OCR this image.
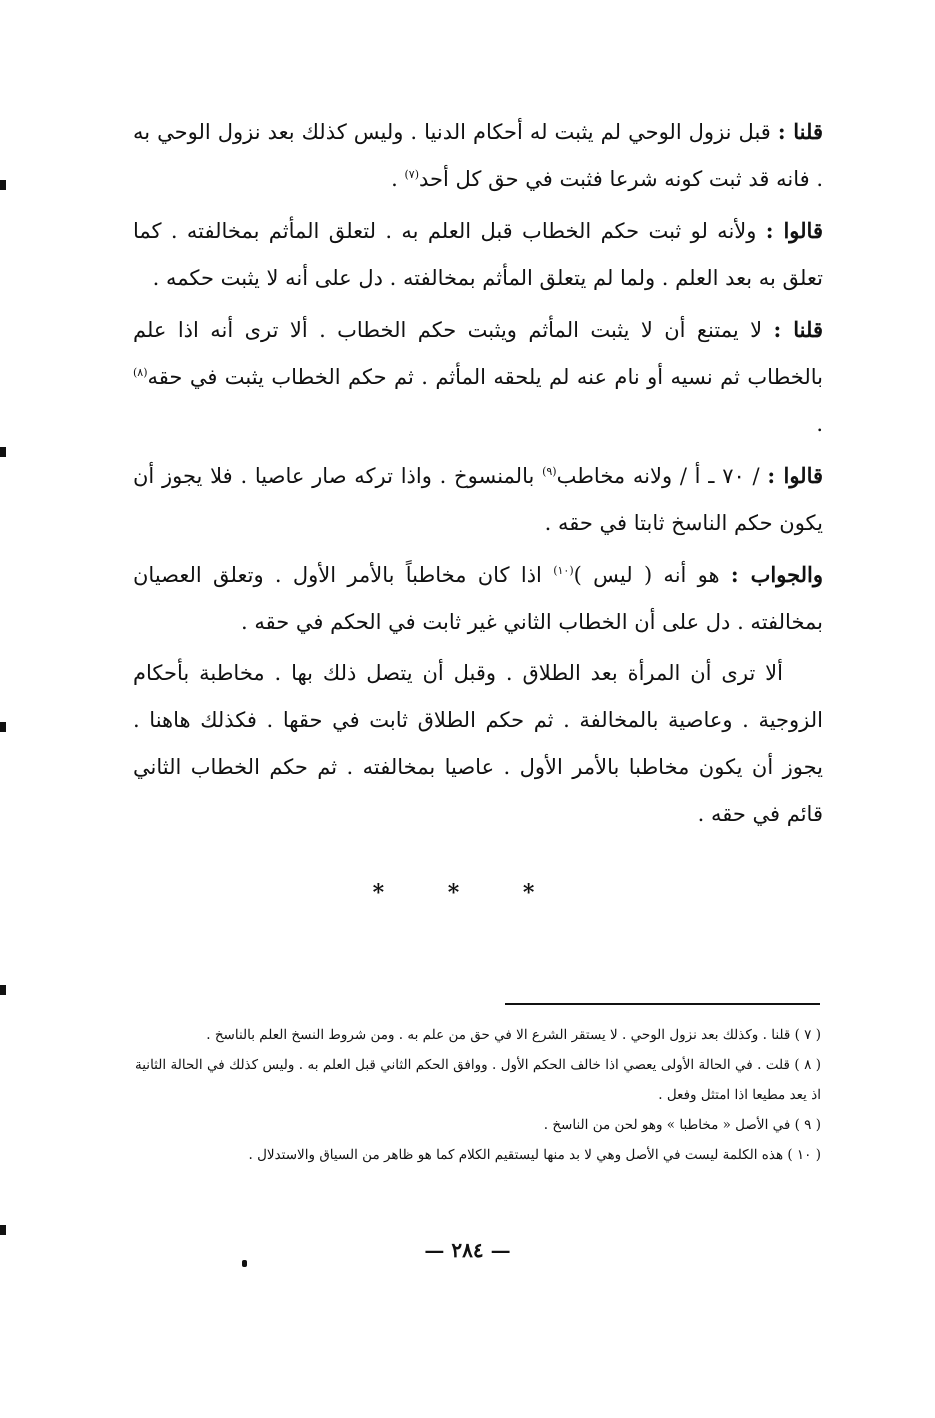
قلنا : قبل نزول الوحي لم يثبت له أحكام الدنيا . وليس كذلك بعد نزول الوحي به . فانه قد ثبت كونه شرعا فثبت في حق كل أحد$^{(٧)}$ .

قالوا : ولأنه لو ثبت حكم الخطاب قبل العلم به . لتعلق المأثم بمخالفته . كما تعلق به بعد العلم . ولما لم يتعلق المأثم بمخالفته . دل على أنه لا يثبت حكمه .

قلنا : لا يمتنع أن لا يثبت المأثم ويثبت حكم الخطاب . ألا ترى أنه اذا علم بالخطاب ثم نسيه أو نام عنه لم يلحقه المأثم . ثم حكم الخطاب يثبت في حقه$^{(٨)}$ .

قالوا : / ٧٠ ـ أ / ولانه مخاطب$^{(٩)}$ بالمنسوخ . واذا تركه صار عاصيا . فلا يجوز أن يكون حكم الناسخ ثابتا في حقه .

والجواب : هو أنه ( ليس )$^{(١٠)}$ اذا كان مخاطباً بالأمر الأول . وتعلق العصيان بمخالفته . دل على أن الخطاب الثاني غير ثابت في الحكم في حقه .

ألا ترى أن المرأة بعد الطلاق . وقبل أن يتصل ذلك بها . مخاطبة بأحكام الزوجية . وعاصية بالمخالفة . ثم حكم الطلاق ثابت في حقها . فكذلك هاهنا . يجوز أن يكون مخاطبا بالأمر الأول . عاصيا بمخالفته . ثم حكم الخطاب الثاني قائم في حقه .

* * *

( ٧ ) قلنا . وكذلك بعد نزول الوحي . لا يستقر الشرع الا في حق من علم به . ومن شروط النسخ العلم بالناسخ .

( ٨ ) قلت . في الحالة الأولى يعصي اذا خالف الحكم الأول . ووافق الحكم الثاني قبل العلم به . وليس كذلك في الحالة الثانية اذ يعد مطيعا اذا امتثل وفعل .

( ٩ ) في الأصل « مخاطبا » وهو لحن من الناسخ .

( ١٠ ) هذه الكلمة ليست في الأصل وهي لا بد منها ليستقيم الكلام كما هو ظاهر من السياق والاستدلال .

— ٢٨٤ —
